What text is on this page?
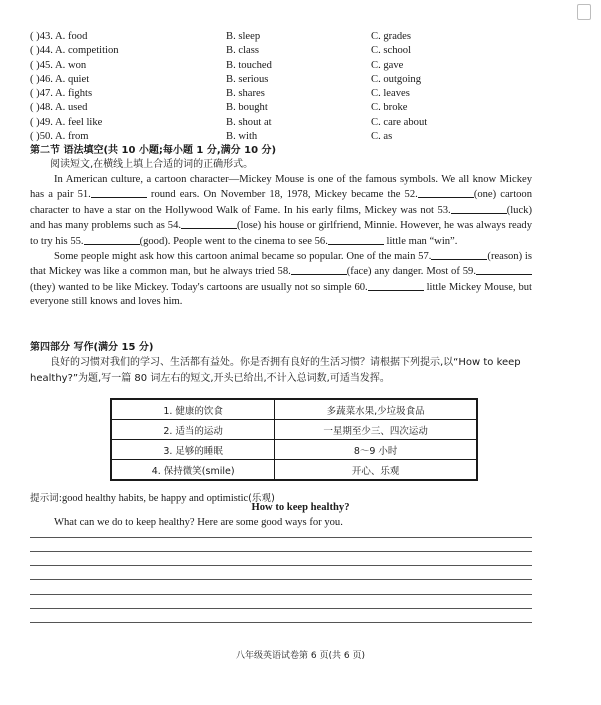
( )43. A. food	B. sleep	C. grades
( )44. A. competition	B. class	C. school
( )45. A. won	B. touched	C. gave
( )46. A. quiet	B. serious	C. outgoing
( )47. A. fights	B. shares	C. leaves
( )48. A. used	B. bought	C. broke
( )49. A. feel like	B. shout at	C. care about
( )50. A. from	B. with	C. as
第二节 语法填空(共 10 小题;每小题 1 分,满分 10 分)
阅读短文,在横线上填上合适的词的正确形式。

In American culture, a cartoon character—Mickey Mouse is one of the famous symbols. We all know Mickey has a pair 51.	round ears. On November 18, 1978, Mickey became the 52.	(one) cartoon character to have a star on the Hollywood Walk of Fame. In his early films, Mickey was not 53.	(luck) and has many problems such as 54.	(lose) his house or girlfriend, Minnie. However, he was always ready to try his 55.	(good). People went to the cinema to see 56.	little man “win”.

Some people might ask how this cartoon animal became so popular. One of the main 57.	(reason) is that Mickey was like a common man, but he always tried 58.	(face) any danger. Most of 59.(they) wanted to be like Mickey. Today's cartoons are usually not so simple 60.	little Mickey Mouse, but everyone still knows and loves him.

第四部分 写作(满分 15 分)
良好的习惯对我们的学习、生活都有益处。你是否拥有良好的生活习惯？请根据下列提示,以“How to keep healthy?”为题,写一篇 80 词左右的短文,开头已给出,不计入总词数,可适当发挥。
1. 健康的饮食	多蔬菜水果,少垃圾食品
2. 适当的运动	一星期至少三、四次运动
3. 足够的睡眠	8～9 小时
4. 保持微笑(smile)	开心、乐观
提示词:good healthy habits, be happy and optimistic(乐观)
How to keep healthy?
What can we do to keep healthy? Here are some good ways for you.
八年级英语试卷第 6 页(共 6 页)
